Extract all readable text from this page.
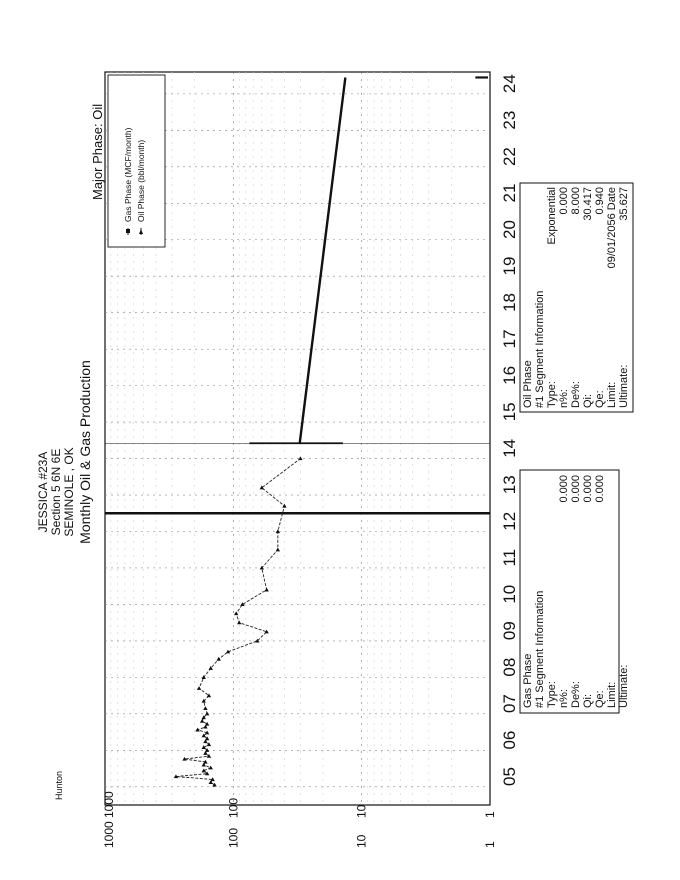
1000
1000
100
100
10
10
1
1
05
06
07
08
09
10
11
12
13
14
15
16
17
18
19
20
21
22
23
24
Gas Phase (MCF/month) Oil Phase (bbl/month)
JESSICA #23A Section 5 6N 6E SEMINOLE , OK Monthly Oil & Gas Production
Major Phase: Oil
Hunton
Gas Phase #1 Segment Information Type: n%:
0.000
De%:
0.000
Qi:
0.000
Qe:
0.000
Limit: Ultimate:
Oil Phase #1 Segment Information Type:
Exponential
n%:
0.000
De%:
8.000
Qi:
30.417
Qe:
0.940
Limit:
09/01/2056 Date
Ultimate:
35.627
